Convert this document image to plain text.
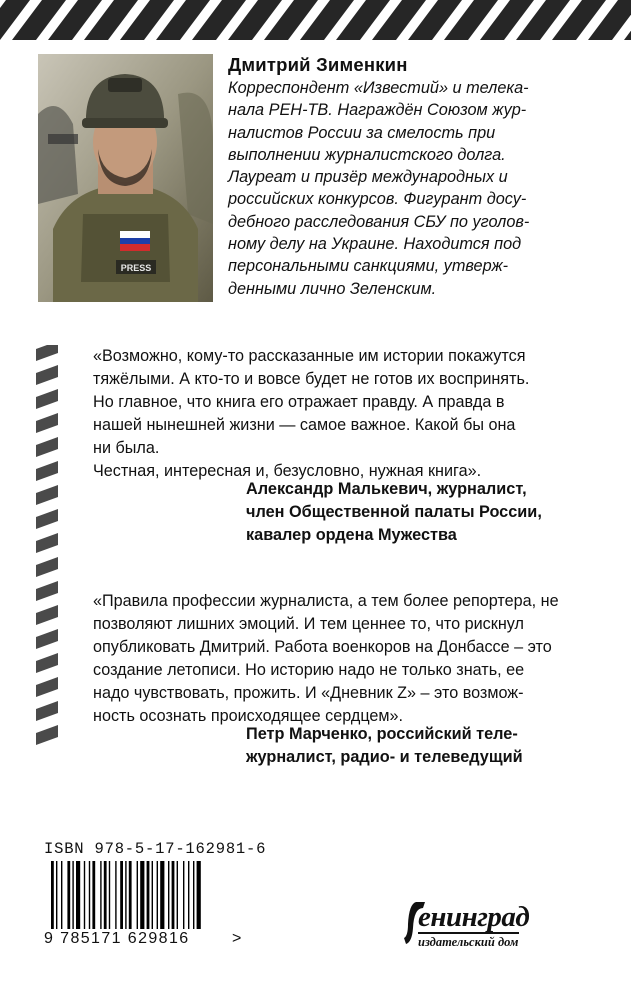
PRESS
Дмитрий Зименкин
Корреспондент «Известий» и телека-
нала РЕН-ТВ. Награждён Союзом жур-
налистов России за смелость при
выполнении журналистского долга.
Лауреат и призёр международных и
российских конкурсов. Фигурант досу-
дебного расследования СБУ по уголов-
ному делу на Украине. Находится под
персональными санкциями, утверж-
денными лично Зеленским.

«Возможно, кому-то рассказанные им истории покажутся

тяжёлыми. А кто-то и вовсе будет не готов их воспринять.

Но главное, что книга его отражает правду. А правда в

нашей нынешней жизни — самое важное. Какой бы она

ни была.

Честная, интересная и, безусловно, нужная книга».

Александр Малькевич, журналист,
член Общественной палаты России,
кавалер ордена Мужества

«Правила профессии журналиста, а тем более репортера, не

позволяют лишних эмоций. И тем ценнее то, что рискнул

опубликовать Дмитрий. Работа военкоров на Донбассе – это

создание летописи. Но историю надо не только знать, ее

надо чувствовать, прожить. И «Дневник Z» – это возмож-

ность осознать происходящее сердцем».

Петр Марченко, российский теле-
журналист, радио- и телеведущий
ISBN 978-5-17-162981-6
9 785171 629816	>
енинград
издательский дом
